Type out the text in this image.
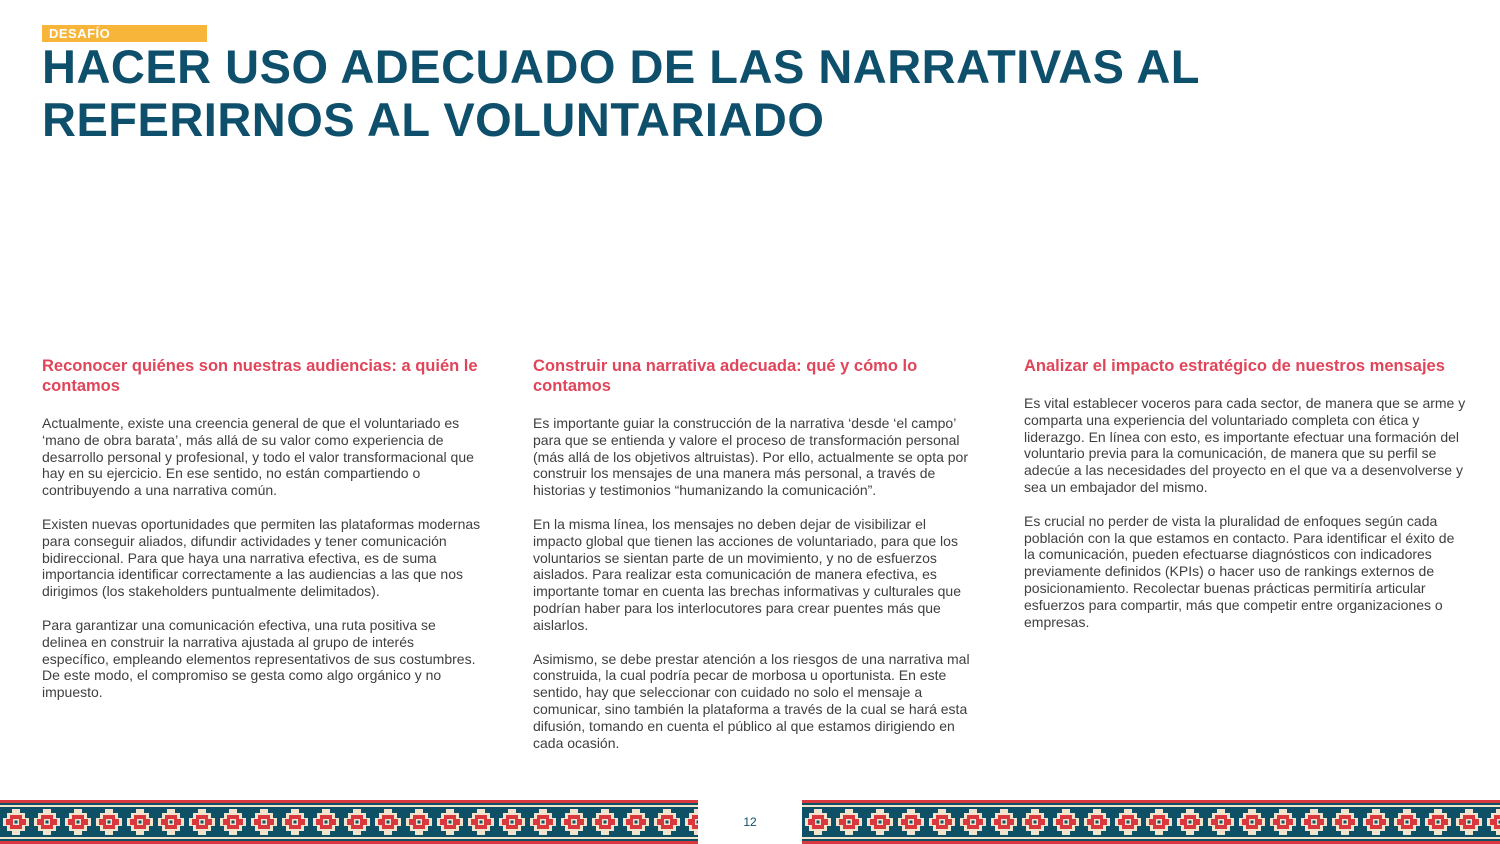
DESAFÍO
HACER USO ADECUADO DE LAS NARRATIVAS AL REFERIRNOS AL VOLUNTARIADO
Reconocer quiénes son nuestras audiencias: a quién le contamos

Actualmente, existe una creencia general de que el voluntariado es ‘mano de obra barata’, más allá de su valor como experiencia de desarrollo personal y profesional, y todo el valor transformacional que hay en su ejercicio. En ese sentido, no están compartiendo o contribuyendo a una narrativa común.

Existen nuevas oportunidades que permiten las plataformas modernas para conseguir aliados, difundir actividades y tener comunicación bidireccional. Para que haya una narrativa efectiva, es de suma importancia identificar correctamente a las audiencias a las que nos dirigimos (los stakeholders puntualmente delimitados).

Para garantizar una comunicación efectiva, una ruta positiva se delinea en construir la narrativa ajustada al grupo de interés específico, empleando elementos representativos de sus costumbres. De este modo, el compromiso se gesta como algo orgánico y no impuesto.

Construir una narrativa adecuada: qué y cómo lo contamos

Es importante guiar la construcción de la narrativa ‘desde ‘el campo’ para que se entienda y valore el proceso de transformación personal (más allá de los objetivos altruistas). Por ello, actualmente se opta por construir los mensajes de una manera más personal, a través de historias y testimonios “humanizando la comunicación”.

En la misma línea, los mensajes no deben dejar de visibilizar el impacto global que tienen las acciones de voluntariado, para que los voluntarios se sientan parte de un movimiento, y no de esfuerzos aislados. Para realizar esta comunicación de manera efectiva, es importante tomar en cuenta las brechas informativas y culturales que podrían haber para los interlocutores para crear puentes más que aislarlos.

Asimismo, se debe prestar atención a los riesgos de una narrativa mal construida, la cual podría pecar de morbosa u oportunista. En este sentido, hay que seleccionar con cuidado no solo el mensaje a comunicar, sino también la plataforma a través de la cual se hará esta difusión, tomando en cuenta el público al que estamos dirigiendo en cada ocasión.

Analizar el impacto estratégico de nuestros mensajes

Es vital establecer voceros para cada sector, de manera que se arme y comparta una experiencia del voluntariado completa con ética y liderazgo. En línea con esto, es importante efectuar una formación del voluntario previa para la comunicación, de manera que su perfil se adecúe a las necesidades del proyecto en el que va a desenvolverse y sea un embajador del mismo.

Es crucial no perder de vista la pluralidad de enfoques según cada población con la que estamos en contacto. Para identificar el éxito de la comunicación, pueden efectuarse diagnósticos con indicadores previamente definidos (KPIs) o hacer uso de rankings externos de posicionamiento. Recolectar buenas prácticas permitiría articular esfuerzos para compartir, más que competir entre organizaciones o empresas.

12
